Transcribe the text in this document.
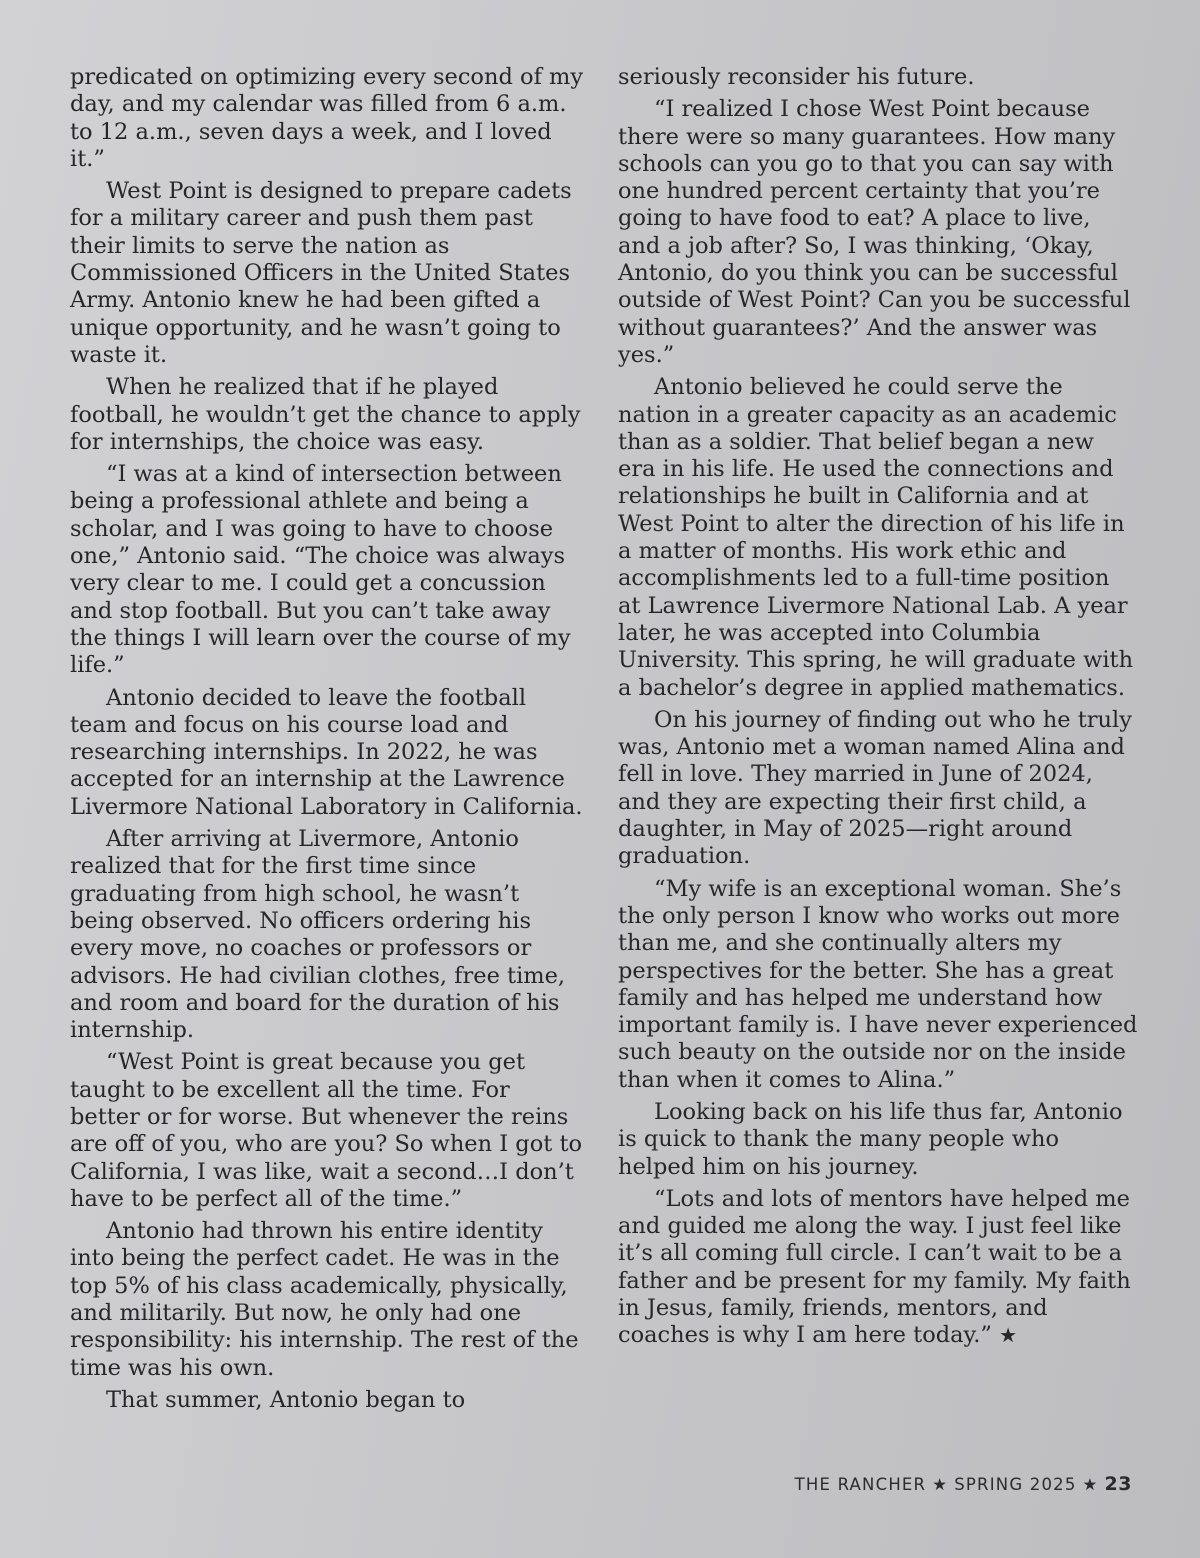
predicated on optimizing every second of my day, and my calendar was filled from 6 a.m. to 12 a.m., seven days a week, and I loved it.”

West Point is designed to prepare cadets for a military career and push them past their limits to serve the nation as Commissioned Officers in the United States Army. Antonio knew he had been gifted a unique opportunity, and he wasn’t going to waste it.

When he realized that if he played football, he wouldn’t get the chance to apply for internships, the choice was easy.

“I was at a kind of intersection between being a professional athlete and being a scholar, and I was going to have to choose one,” Antonio said. “The choice was always very clear to me. I could get a concussion and stop football. But you can’t take away the things I will learn over the course of my life.”

Antonio decided to leave the football team and focus on his course load and researching internships. In 2022, he was accepted for an internship at the Lawrence Livermore National Laboratory in California.

After arriving at Livermore, Antonio realized that for the first time since graduating from high school, he wasn’t being observed. No officers ordering his every move, no coaches or professors or advisors. He had civilian clothes, free time, and room and board for the duration of his internship.

“West Point is great because you get taught to be excellent all the time. For better or for worse. But whenever the reins are off of you, who are you? So when I got to California, I was like, wait a second…I don’t have to be perfect all of the time.”

Antonio had thrown his entire identity into being the perfect cadet. He was in the top 5% of his class academically, physically, and militarily. But now, he only had one responsibility: his internship. The rest of the time was his own.

That summer, Antonio began to

seriously reconsider his future.

“I realized I chose West Point because there were so many guarantees. How many schools can you go to that you can say with one hundred percent certainty that you’re going to have food to eat? A place to live, and a job after? So, I was thinking, ‘Okay, Antonio, do you think you can be successful outside of West Point? Can you be successful without guarantees?’ And the answer was yes.”

Antonio believed he could serve the nation in a greater capacity as an academic than as a soldier. That belief began a new era in his life. He used the connections and relationships he built in California and at West Point to alter the direction of his life in a matter of months. His work ethic and accomplishments led to a full-time position at Lawrence Livermore National Lab. A year later, he was accepted into Columbia University. This spring, he will graduate with a bachelor’s degree in applied mathematics.

On his journey of finding out who he truly was, Antonio met a woman named Alina and fell in love. They married in June of 2024, and they are expecting their first child, a daughter, in May of 2025—right around graduation.

“My wife is an exceptional woman. She’s the only person I know who works out more than me, and she continually alters my perspectives for the better. She has a great family and has helped me understand how important family is. I have never experienced such beauty on the outside nor on the inside than when it comes to Alina.”

Looking back on his life thus far, Antonio is quick to thank the many people who helped him on his journey.

“Lots and lots of mentors have helped me and guided me along the way. I just feel like it’s all coming full circle. I can’t wait to be a father and be present for my family. My faith in Jesus, family, friends, mentors, and coaches is why I am here today.” ★

THE RANCHER ★ SPRING 2025 ★ 23
